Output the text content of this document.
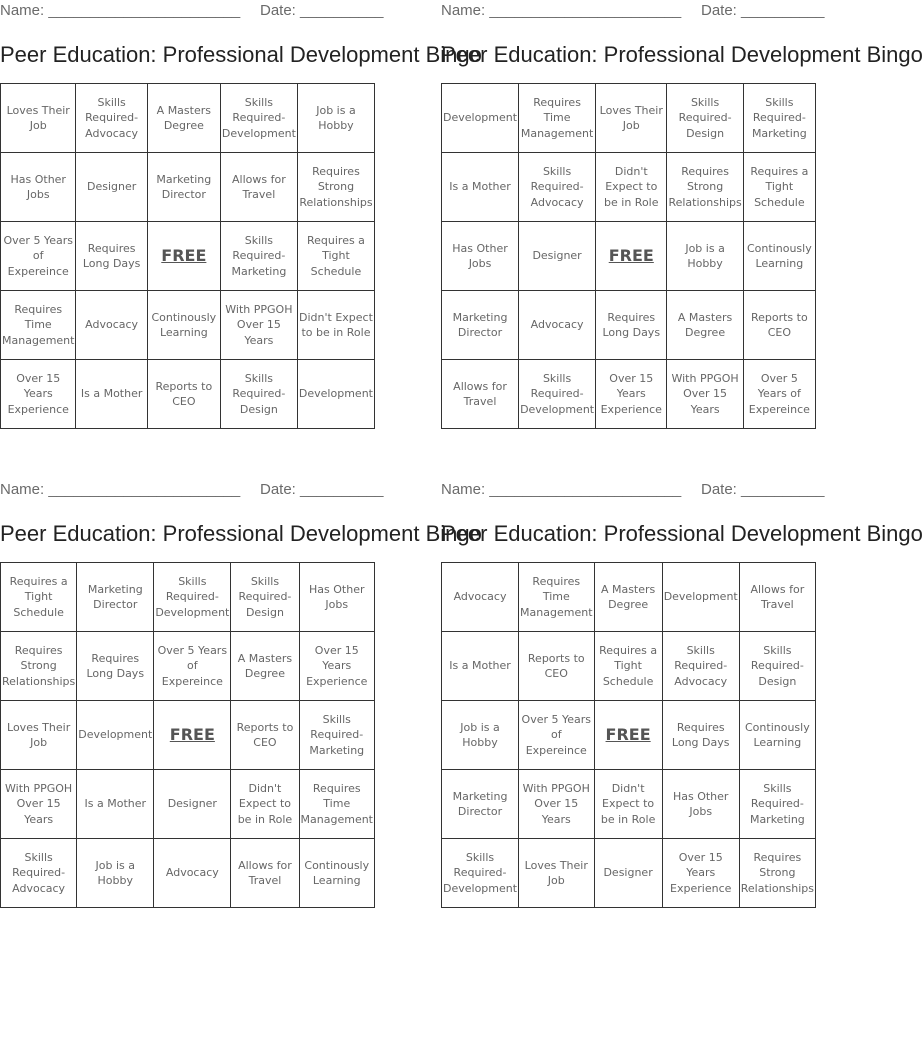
Name: _______________________ Date: __________
Peer Education: Professional Development Bingo
Loves Their Job	Skills Required-Advocacy	A Masters Degree	Skills Required-Development	Job is a Hobby
Has Other Jobs	Designer	Marketing Director	Allows for Travel	Requires Strong Relationships
Over 5 Years of Expereince	Requires Long Days	FREE	Skills Required-Marketing	Requires a Tight Schedule
Requires Time Management	Advocacy	Continously Learning	With PPGOH Over 15 Years	Didn't Expect to be in Role
Over 15 Years Experience	Is a Mother	Reports to CEO	Skills Required-Design	Development
Name: _______________________ Date: __________
Peer Education: Professional Development Bingo
Development	Requires Time Management	Loves Their Job	Skills Required-Design	Skills Required-Marketing
Is a Mother	Skills Required-Advocacy	Didn't Expect to be in Role	Requires Strong Relationships	Requires a Tight Schedule
Has Other Jobs	Designer	FREE	Job is a Hobby	Continously Learning
Marketing Director	Advocacy	Requires Long Days	A Masters Degree	Reports to CEO
Allows for Travel	Skills Required-Development	Over 15 Years Experience	With PPGOH Over 15 Years	Over 5 Years of Expereince
Name: _______________________ Date: __________
Peer Education: Professional Development Bingo
Requires a Tight Schedule	Marketing Director	Skills Required-Development	Skills Required-Design	Has Other Jobs
Requires Strong Relationships	Requires Long Days	Over 5 Years of Expereince	A Masters Degree	Over 15 Years Experience
Loves Their Job	Development	FREE	Reports to CEO	Skills Required-Marketing
With PPGOH Over 15 Years	Is a Mother	Designer	Didn't Expect to be in Role	Requires Time Management
Skills Required-Advocacy	Job is a Hobby	Advocacy	Allows for Travel	Continously Learning
Name: _______________________ Date: __________
Peer Education: Professional Development Bingo
Advocacy	Requires Time Management	A Masters Degree	Development	Allows for Travel
Is a Mother	Reports to CEO	Requires a Tight Schedule	Skills Required-Advocacy	Skills Required-Design
Job is a Hobby	Over 5 Years of Expereince	FREE	Requires Long Days	Continously Learning
Marketing Director	With PPGOH Over 15 Years	Didn't Expect to be in Role	Has Other Jobs	Skills Required-Marketing
Skills Required-Development	Loves Their Job	Designer	Over 15 Years Experience	Requires Strong Relationships
